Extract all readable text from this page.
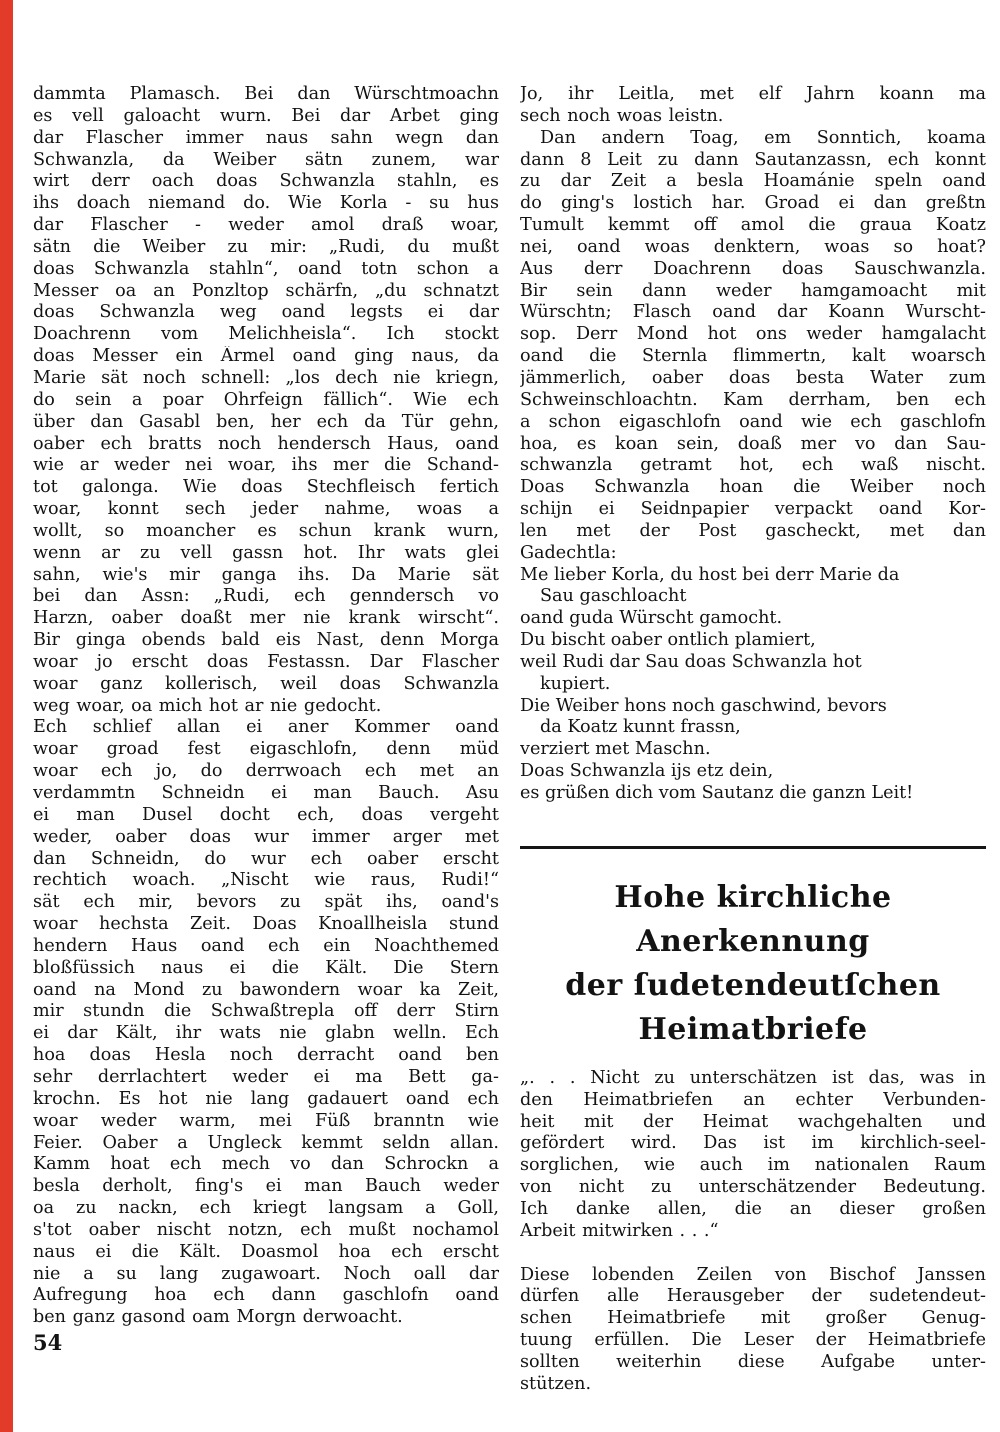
dammta Plamasch. Bei dan Würschtmoachn
es vell galoacht wurn. Bei dar Arbet ging
dar Flascher immer naus sahn wegn dan
Schwanzla, da Weiber sätn zunem, war
wirt derr oach doas Schwanzla stahln, es
ihs doach niemand do. Wie Korla - su hus
dar Flascher - weder amol draß woar,
sätn die Weiber zu mir: „Rudi, du mußt
doas Schwanzla stahln“, oand totn schon a
Messer oa an Ponzltop schärfn, „du schnatzt
doas Schwanzla weg oand legsts ei dar
Doachrenn vom Melichheisla“. Ich stockt
doas Messer ein Ärmel oand ging naus, da
Marie sät noch schnell: „los dech nie kriegn,
do sein a poar Ohrfeign fällich“. Wie ech
über dan Gasabl ben, her ech da Tür gehn,
oaber ech bratts noch hendersch Haus, oand
wie ar weder nei woar, ihs mer die Schand-
tot galonga. Wie doas Stechfleisch fertich
woar, konnt sech jeder nahme, woas a
wollt, so moancher es schun krank wurn,
wenn ar zu vell gassn hot. Ihr wats glei
sahn, wie's mir ganga ihs. Da Marie sät
bei dan Assn: „Rudi, ech genndersch vo
Harzn, oaber doaßt mer nie krank wirscht“.
Bir ginga obends bald eis Nast, denn Morga
woar jo erscht doas Festassn. Dar Flascher
woar ganz kollerisch, weil doas Schwanzla
weg woar, oa mich hot ar nie gedocht.
Ech schlief allan ei aner Kommer oand
woar groad fest eigaschlofn, denn müd
woar ech jo, do derrwoach ech met an
verdammtn Schneidn ei man Bauch. Asu
ei man Dusel docht ech, doas vergeht
weder, oaber doas wur immer arger met
dan Schneidn, do wur ech oaber erscht
rechtich woach. „Nischt wie raus, Rudi!“
sät ech mir, bevors zu spät ihs, oand's
woar hechsta Zeit. Doas Knoallheisla stund
hendern Haus oand ech ein Noachthemed
bloßfüssich naus ei die Kält. Die Stern
oand na Mond zu bawondern woar ka Zeit,
mir stundn die Schwaßtrepla off derr Stirn
ei dar Kält, ihr wats nie glabn welln. Ech
hoa doas Hesla noch derracht oand ben
sehr derrlachtert weder ei ma Bett ga-
krochn. Es hot nie lang gadauert oand ech
woar weder warm, mei Füß branntn wie
Feier. Oaber a Ungleck kemmt seldn allan.
Kamm hoat ech mech vo dan Schrockn a
besla derholt, fing's ei man Bauch weder
oa zu nackn, ech kriegt langsam a Goll,
s'tot oaber nischt notzn, ech mußt nochamol
naus ei die Kält. Doasmol hoa ech erscht
nie a su lang zugawoart. Noch oall dar
Aufregung hoa ech dann gaschlofn oand
ben ganz gasond oam Morgn derwoacht.
Jo, ihr Leitla, met elf Jahrn koann ma
sech noch woas leistn.
Dan andern Toag, em Sonntich, koama
dann 8 Leit zu dann Sautanzassn, ech konnt
zu dar Zeit a besla Hoamánie speln oand
do ging's lostich har. Groad ei dan greßtn
Tumult kemmt off amol die graua Koatz
nei, oand woas denktern, woas so hoat?
Aus derr Doachrenn doas Sauschwanzla.
Bir sein dann weder hamgamoacht mit
Würschtn; Flasch oand dar Koann Wurscht-
sop. Derr Mond hot ons weder hamgalacht
oand die Sternla flimmertn, kalt woarsch
jämmerlich, oaber doas besta Water zum
Schweinschloachtn. Kam derrham, ben ech
a schon eigaschlofn oand wie ech gaschlofn
hoa, es koan sein, doaß mer vo dan Sau-
schwanzla getramt hot, ech waß nischt.
Doas Schwanzla hoan die Weiber noch
schijn ei Seidnpapier verpackt oand Kor-
len met der Post gascheckt, met dan
Gadechtla:
Me lieber Korla, du host bei derr Marie da
Sau gaschloacht
oand guda Würscht gamocht.
Du bischt oaber ontlich plamiert,
weil Rudi dar Sau doas Schwanzla hot
kupiert.
Die Weiber hons noch gaschwind, bevors
da Koatz kunnt frassn,
verziert met Maschn.
Doas Schwanzla ijs etz dein,
es grüßen dich vom Sautanz die ganzn Leit!
Hohe kirchliche Anerkennung
der ſudetendeutſchen
Heimatbriefe
„. . . Nicht zu unterschätzen ist das, was in
den Heimatbriefen an echter Verbunden-
heit mit der Heimat wachgehalten und
gefördert wird. Das ist im kirchlich-seel-
sorglichen, wie auch im nationalen Raum
von nicht zu unterschätzender Bedeutung.
Ich danke allen, die an dieser großen
Arbeit mitwirken . . .“
Diese lobenden Zeilen von Bischof Janssen
dürfen alle Herausgeber der sudetendeut-
schen Heimatbriefe mit großer Genug-
tuung erfüllen. Die Leser der Heimatbriefe
sollten weiterhin diese Aufgabe unter-
stützen.
54
